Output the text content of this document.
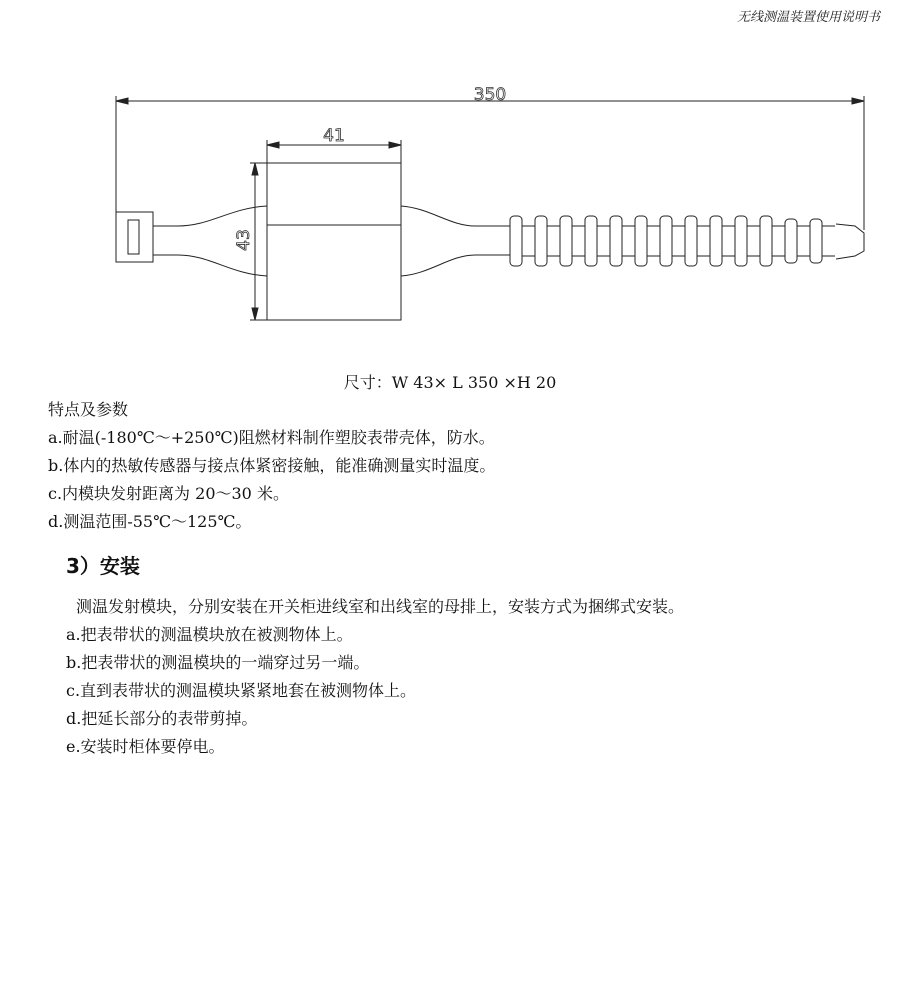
无线测温装置使用说明书
350
41
43
尺寸：W 43× L 350 ×H 20
特点及参数
a.耐温(-180℃～+250℃)阻燃材料制作塑胶表带壳体，防水。
b.体内的热敏传感器与接点体紧密接触，能准确测量实时温度。
c.内模块发射距离为 20～30 米。
d.测温范围-55℃～125℃。
3）安装
测温发射模块，分别安装在开关柜进线室和出线室的母排上，安装方式为捆绑式安装。
a.把表带状的测温模块放在被测物体上。
b.把表带状的测温模块的一端穿过另一端。
c.直到表带状的测温模块紧紧地套在被测物体上。
d.把延长部分的表带剪掉。
e.安装时柜体要停电。
